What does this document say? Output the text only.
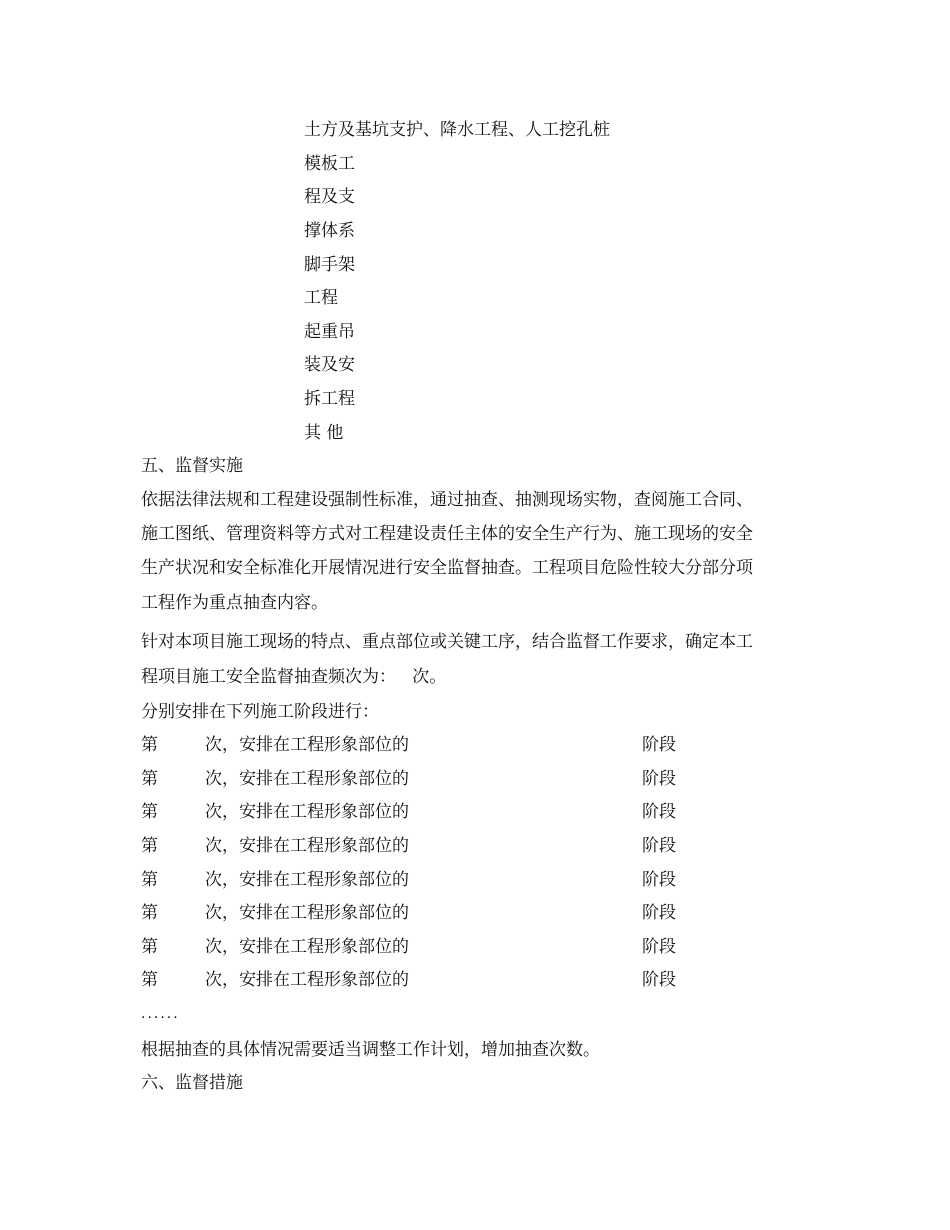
土方及基坑支护、降水工程、人工挖孔桩
模板工
程及支
撑体系
脚手架
工程
起重吊
装及安
拆工程
其 他
五、监督实施
依据法律法规和工程建设强制性标准，通过抽查、抽测现场实物，查阅施工合同、
施工图纸、管理资料等方式对工程建设责任主体的安全生产行为、施工现场的安全
生产状况和安全标准化开展情况进行安全监督抽查。工程项目危险性较大分部分项
工程作为重点抽查内容。
针对本项目施工现场的特点、重点部位或关键工序，结合监督工作要求，确定本工
程项目施工安全监督抽查频次为：   次。
分别安排在下列施工阶段进行：
第	次，安排在工程形象部位的	阶段
第	次，安排在工程形象部位的	阶段
第	次，安排在工程形象部位的	阶段
第	次，安排在工程形象部位的	阶段
第	次，安排在工程形象部位的	阶段
第	次，安排在工程形象部位的	阶段
第	次，安排在工程形象部位的	阶段
第	次，安排在工程形象部位的	阶段
......
根据抽查的具体情况需要适当调整工作计划，增加抽查次数。
六、监督措施
